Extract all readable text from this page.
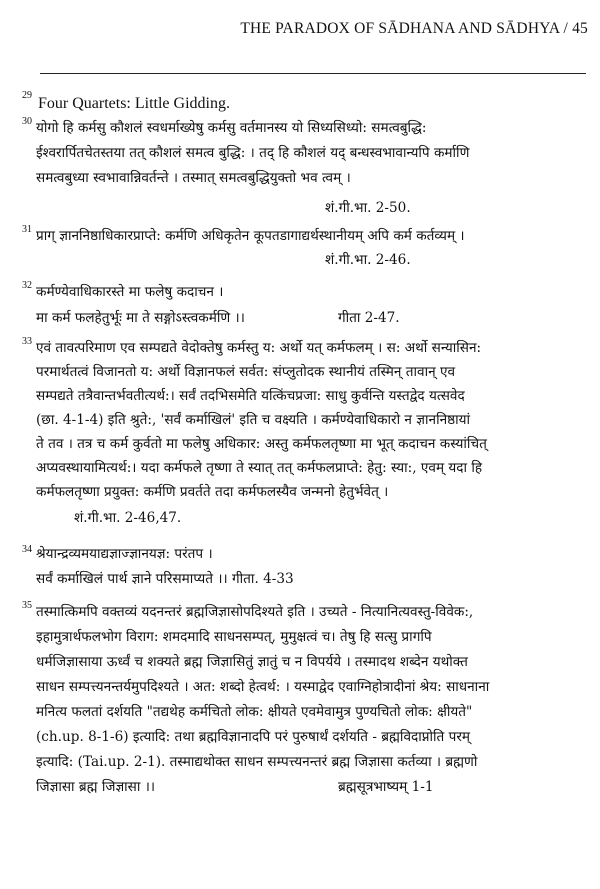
THE PARADOX OF SĀDHANA AND SĀDHYA / 45
29 Four Quartets: Little Gidding.
30 योगो हि कर्मसु कौशलं स्वधर्माख्येषु कर्मसु वर्तमानस्य यो सिध्यसिध्यो: समत्वबुद्धि:
ईश्वरार्पितचेतस्तया तत् कौशलं समत्व बुद्धि: । तद् हि कौशलं यद् बन्धस्वभावान्यपि कर्माणि
समत्वबुध्या स्वभावान्निवर्तन्ते । तस्मात् समत्वबुद्धियुक्तो भव त्वम् ।
शं.गी.भा. 2-50.
31 प्राग् ज्ञाननिष्ठाधिकारप्राप्ते: कर्मणि अधिकृतेन कूपतडागाद्यर्थस्थानीयम् अपि कर्म कर्तव्यम् ।
शं.गी.भा. 2-46.
32 कर्मण्येवाधिकारस्ते मा फलेषु कदाचन ।
मा कर्म फलहेतुर्भूः मा ते सङ्गोऽस्त्वकर्मणि ।।	गीता 2-47.
33 एवं तावत्परिमाण एव सम्पद्यते वेदोक्तेषु कर्मस्तु य: अर्थो यत् कर्मफलम् । स: अर्थो सन्यासिन:
परमार्थतत्वं विजानतो य: अर्थो विज्ञानफलं सर्वत: संप्लुतोदक स्थानीयं तस्मिन् तावान् एव
सम्पद्यते तत्रैवान्तर्भवतीत्यर्थ:। सर्वं तदभिसमेति यत्किंचप्रजा: साधु कुर्वन्ति यस्तद्वेद यत्सवेद
(छा. 4-1-4) इति श्रुते:, 'सर्वं कर्माखिलं' इति च वक्ष्यति । कर्मण्येवाधिकारो न ज्ञाननिष्ठायां
ते तव । तत्र च कर्म कुर्वतो मा फलेषु अधिकार: अस्तु कर्मफलतृष्णा मा भूत् कदाचन कस्यांचित्
अप्यवस्थायामित्यर्थ:। यदा कर्मफले तृष्णा ते स्यात् तत् कर्मफलप्राप्ते: हेतु: स्या:, एवम् यदा हि
कर्मफलतृष्णा प्रयुक्त: कर्मणि प्रवर्तते तदा कर्मफलस्यैव जन्मनो हेतुर्भवेत् ।
शं.गी.भा. 2-46,47.
34 श्रेयान्द्रव्यमयाद्यज्ञाज्ज्ञानयज्ञ: परंतप ।
सर्वं कर्माखिलं पार्थ ज्ञाने परिसमाप्यते ।। गीता. 4-33
35 तस्मात्किमपि वक्तव्यं यदनन्तरं ब्रह्मजिज्ञासोपदिश्यते इति । उच्यते - नित्यानित्यवस्तु-विवेक:,
इहामुत्रार्थफलभोग विराग: शमदमादि साधनसम्पत्, मुमुक्षत्वं च। तेषु हि सत्सु प्रागपि
धर्मजिज्ञासाया ऊर्ध्वं च शक्यते ब्रह्म जिज्ञासितुं ज्ञातुं च न विपर्यये । तस्मादथ शब्देन यथोक्त
साधन सम्पत्त्यनन्तर्यमुपदिश्यते । अत: शब्दो हेत्वर्थ: । यस्माद्वेद एवाग्निहोत्रादीनां श्रेय: साधनाना
मनित्य फलतां दर्शयति "तद्यथेह कर्मचितो लोक: क्षीयते एवमेवामुत्र पुण्यचितो लोक: क्षीयते"
(ch.up. 8-1-6) इत्यादि: तथा ब्रह्मविज्ञानादपि परं पुरुषार्थं दर्शयति - ब्रह्मविदाप्नोति परम्
इत्यादि: (Tai.up. 2-1). तस्माद्यथोक्त साधन सम्पत्त्यनन्तरं ब्रह्म जिज्ञासा कर्तव्या । ब्रह्मणो
जिज्ञासा ब्रह्म जिज्ञासा ।।	ब्रह्मसूत्रभाष्यम् 1-1
